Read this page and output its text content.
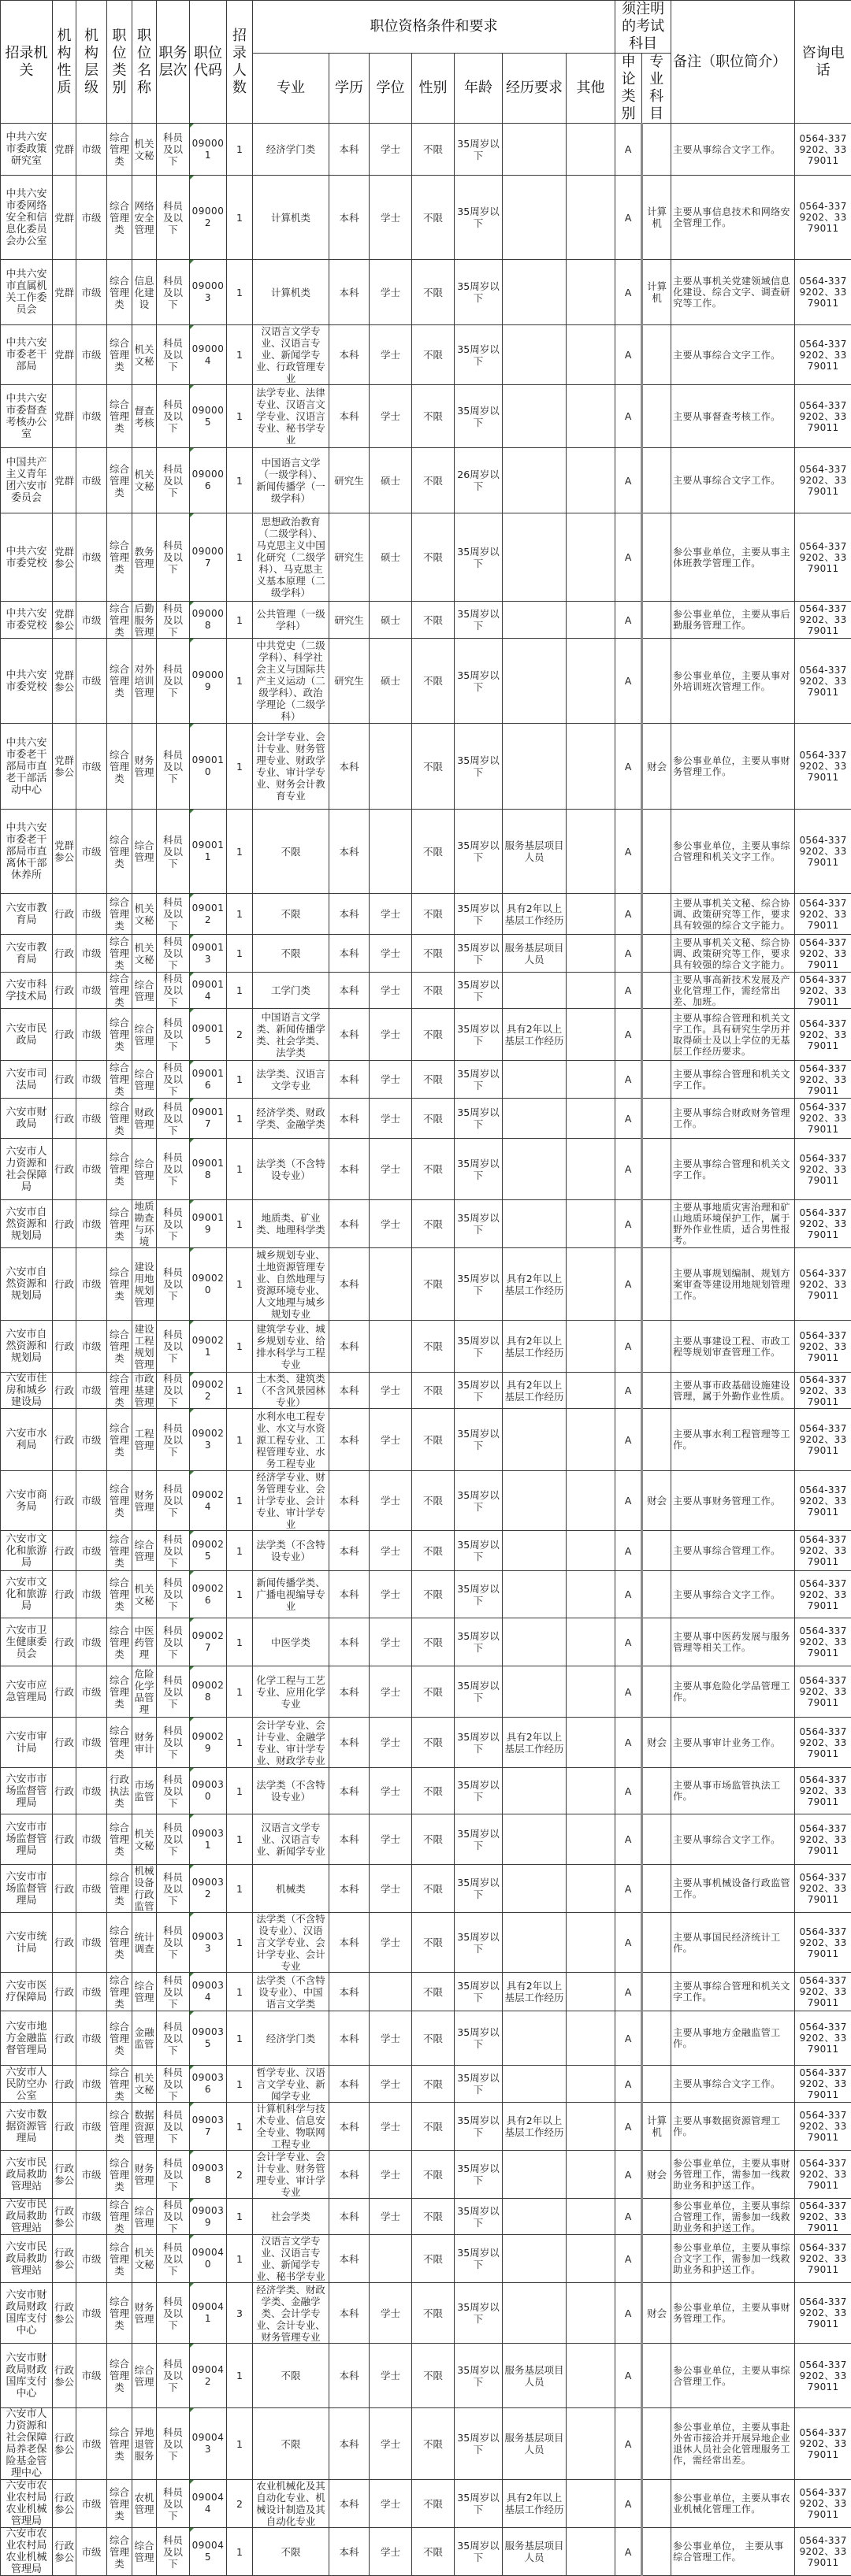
招录机关	机构性质	机构层级	职位类别	职位名称	职务层次	职位代码	招录人数	职位资格条件和要求							须注明的考试科目		备注（职位简介）	咨询电话
								专业	学历	学位	性别	年龄	经历要求	其他	申论类别	专业科目		
中共六安市委政策研究室	党群	市级	综合管理类	机关文秘	科员及以下	090001	1	经济学门类	本科	学士	不限	35周岁以下			A		主要从事综合文字工作。	0564-3379202、3379011
中共六安市委网络安全和信息化委员会办公室	党群	市级	综合管理类	网络安全管理	科员及以下	090002	1	计算机类	本科	学士	不限	35周岁以下			A	计算机	主要从事信息技术和网络安全管理工作。	0564-3379202、3379011
中共六安市直属机关工作委员会	党群	市级	综合管理类	信息化建设	科员及以下	090003	1	计算机类	本科	学士	不限	35周岁以下			A	计算机	主要从事机关党建领域信息化建设、综合文字、调查研究等工作。	0564-3379202、3379011
中共六安市委老干部局	党群	市级	综合管理类	机关文秘	科员及以下	090004	1	汉语言文学专业、汉语言专业、新闻学专业、行政管理专业	本科	学士	不限	35周岁以下			A		主要从事综合文字工作。	0564-3379202、3379011
中共六安市委督查考核办公室	党群	市级	综合管理类	督查考核	科员及以下	090005	1	法学专业、法律专业、汉语言文学专业、汉语言专业、秘书学专业	本科	学士	不限	35周岁以下			A		主要从事督查考核工作。	0564-3379202、3379011
中国共产主义青年团六安市委员会	党群	市级	综合管理类	机关文秘	科员及以下	090006	1	中国语言文学（一级学科）、新闻传播学（一级学科）	研究生	硕士	不限	26周岁以下			A		主要从事综合文字工作。	0564-3379202、3379011
中共六安市委党校	党群参公	市级	综合管理类	教务管理	科员及以下	090007	1	思想政治教育（二级学科）、马克思主义中国化研究（二级学科）、马克思主义基本原理（二级学科）	研究生	硕士	不限	35周岁以下			A		参公事业单位，主要从事主体班教学管理工作。	0564-3379202、3379011
中共六安市委党校	党群参公	市级	综合管理类	后勤服务管理	科员及以下	090008	1	公共管理（一级学科）	研究生	硕士	不限	35周岁以下			A		参公事业单位，主要从事后勤服务管理工作。	0564-3379202、3379011
中共六安市委党校	党群参公	市级	综合管理类	对外培训管理	科员及以下	090009	1	中共党史（二级学科）、科学社会主义与国际共产主义运动（二级学科）、政治学理论（二级学科）	研究生	硕士	不限	35周岁以下			A		参公事业单位，主要从事对外培训班次管理工作。	0564-3379202、3379011
中共六安市委老干部局市直老干部活动中心	党群参公	市级	综合管理类	财务管理	科员及以下	090010	1	会计学专业、会计专业、财务管理专业、财政学专业、审计学专业、财务会计教育专业	本科		不限	35周岁以下			A	财会	参公事业单位，主要从事财务管理工作。	0564-3379202、3379011
中共六安市委老干部局市直离休干部休养所	党群参公	市级	综合管理类	综合管理	科员及以下	090011	1	不限	本科		不限	35周岁以下	服务基层项目人员		A		参公事业单位，主要从事综合管理和机关文字工作。	0564-3379202、3379011
六安市教育局	行政	市级	综合管理类	机关文秘	科员及以下	090012	1	不限	本科	学士	不限	35周岁以下	具有2年以上基层工作经历		A		主要从事机关文秘、综合协调、政策研究等工作，要求具有较强的综合文字能力。	0564-3379202、3379011
六安市教育局	行政	市级	综合管理类	机关文秘	科员及以下	090013	1	不限	本科	学士	不限	35周岁以下	服务基层项目人员		A		主要从事机关文秘、综合协调、政策研究等工作，要求具有较强的综合文字能力。	0564-3379202、3379011
六安市科学技术局	行政	市级	综合管理类	综合管理	科员及以下	090014	1	工学门类	本科	学士	不限	35周岁以下			A		主要从事高新技术发展及产业化管理工作，需经常出差、加班。	0564-3379202、3379011
六安市民政局	行政	市级	综合管理类	综合管理	科员及以下	090015	2	中国语言文学类、新闻传播学类、社会学类、法学类	本科	学士	不限	35周岁以下	具有2年以上基层工作经历		A		主要从事综合管理和机关文字工作。具有研究生学历并取得硕士及以上学位的无基层工作经历要求。	0564-3379202、3379011
六安市司法局	行政	市级	综合管理类	综合管理	科员及以下	090016	1	法学类、汉语言文学专业	本科	学士	不限	35周岁以下			A		主要从事综合管理和机关文字工作。	0564-3379202、3379011
六安市财政局	行政	市级	综合管理类	财政管理	科员及以下	090017	1	经济学类、财政学类、金融学类	本科	学士	不限	35周岁以下			A		主要从事综合财政财务管理工作。	0564-3379202、3379011
六安市人力资源和社会保障局	行政	市级	综合管理类	综合管理	科员及以下	090018	1	法学类（不含特设专业）	本科	学士	不限	35周岁以下			A		主要从事综合管理和机关文字工作。	0564-3379202、3379011
六安市自然资源和规划局	行政	市级	综合管理类	地质勘查与环境	科员及以下	090019	1	地质类、矿业类、地理科学类	本科	学士	不限	35周岁以下			A		主要从事地质灾害治理和矿山地质环境保护工作，属于野外作业性质，适合男性报考。	0564-3379202、3379011
六安市自然资源和规划局	行政	市级	综合管理类	建设用地规划管理	科员及以下	090020	1	城乡规划专业、土地资源管理专业、自然地理与资源环境专业、人文地理与城乡规划专业	本科		不限	35周岁以下	具有2年以上基层工作经历		A		主要从事规划编制、规划方案审查等建设用地规划管理工作。	0564-3379202、3379011
六安市自然资源和规划局	行政	市级	综合管理类	建设工程规划管理	科员及以下	090021	1	建筑学专业、城乡规划专业、给排水科学与工程专业	本科		不限	35周岁以下	具有2年以上基层工作经历		A		主要从事建设工程、市政工程等规划审查管理工作。	0564-3379202、3379011
六安市住房和城乡建设局	行政	市级	综合管理类	市政基建管理	科员及以下	090022	1	土木类、建筑类（不含风景园林专业）	本科	学士	不限	35周岁以下	具有2年以上基层工作经历		A		主要从事市政基础设施建设管理，属于外勤作业性质。	0564-3379202、3379011
六安市水利局	行政	市级	综合管理类	工程管理	科员及以下	090023	1	水利水电工程专业、水文与水资源工程专业、工程管理专业、水务工程专业	本科	学士	不限	35周岁以下			A		主要从事水利工程管理等工作。	0564-3379202、3379011
六安市商务局	行政	市级	综合管理类	财务管理	科员及以下	090024	1	经济学专业、财务管理专业、会计学专业、会计专业、审计学专业	本科	学士	不限	35周岁以下			A	财会	主要从事财务管理工作。	0564-3379202、3379011
六安市文化和旅游局	行政	市级	综合管理类	综合管理	科员及以下	090025	1	法学类（不含特设专业）	本科	学士	不限	35周岁以下			A		主要从事综合管理工作。	0564-3379202、3379011
六安市文化和旅游局	行政	市级	综合管理类	机关文秘	科员及以下	090026	1	新闻传播学类、广播电视编导专业	本科	学士	不限	35周岁以下			A		主要从事综合文字工作。	0564-3379202、3379011
六安市卫生健康委员会	行政	市级	综合管理类	中医药管理	科员及以下	090027	1	中医学类	本科	学士	不限	35周岁以下			A		主要从事中医药发展与服务管理等相关工作。	0564-3379202、3379011
六安市应急管理局	行政	市级	综合管理类	危险化学品管理	科员及以下	090028	1	化学工程与工艺专业、应用化学专业	本科	学士	不限	35周岁以下			A		主要从事危险化学品管理工作。	0564-3379202、3379011
六安市审计局	行政	市级	综合管理类	财务审计	科员及以下	090029	1	会计学专业、会计专业、金融学专业、审计学专业、财政学专业	本科	学士	不限	35周岁以下	具有2年以上基层工作经历		A	财会	主要从事审计业务工作。	0564-3379202、3379011
六安市市场监督管理局	行政	市级	行政执法类	市场监管	科员及以下	090030	1	法学类（不含特设专业）	本科	学士	不限	35周岁以下			A		主要从事市场监管执法工作。	0564-3379202、3379011
六安市市场监督管理局	行政	市级	综合管理类	机关文秘	科员及以下	090031	1	汉语言文学专业、汉语言专业、新闻学专业	本科	学士	不限	35周岁以下			A		主要从事综合文字工作。	0564-3379202、3379011
六安市市场监督管理局	行政	市级	综合管理类	机械设备行政监管	科员及以下	090032	1	机械类	本科	学士	不限	35周岁以下			A		主要从事机械设备行政监管工作。	0564-3379202、3379011
六安市统计局	行政	市级	综合管理类	统计调查	科员及以下	090033	1	法学类（不含特设专业）、汉语言文学专业、会计学专业、会计专业	本科	学士	不限	35周岁以下			A		主要从事国民经济统计工作。	0564-3379202、3379011
六安市医疗保障局	行政	市级	综合管理类	综合管理	科员及以下	090034	1	法学类（不含特设专业）、中国语言文学类	本科		不限	35周岁以下	具有2年以上基层工作经历		A		主要从事综合管理和机关文字工作。	0564-3379202、3379011
六安市地方金融监督管理局	行政	市级	综合管理类	金融监管	科员及以下	090035	1	经济学门类	本科	学士	不限	35周岁以下			A		主要从事地方金融监管工作。	0564-3379202、3379011
六安市人民防空办公室	行政	市级	综合管理类	机关文秘	科员及以下	090036	1	哲学专业、汉语言文学专业、新闻学专业	本科	学士	不限	35周岁以下			A		主要从事综合文字工作。	0564-3379202、3379011
六安市数据资源管理局	行政	市级	综合管理类	数据资源管理	科员及以下	090037	1	计算机科学与技术专业、信息安全专业、物联网工程专业	本科	学士	不限	35周岁以下	具有2年以上基层工作经历		A	计算机	主要从事数据资源管理工作。	0564-3379202、3379011
六安市民政局救助管理站	行政参公	市级	综合管理类	财务管理	科员及以下	090038	2	会计学专业、会计专业、财务管理专业、审计学专业	本科	学士	不限	35周岁以下			A	财会	参公事业单位，主要从事财务管理工作，需参加一线救助业务和护送工作。	0564-3379202、3379011
六安市民政局救助管理站	行政参公	市级	综合管理类	综合管理	科员及以下	090039	1	社会学类	本科	学士	不限	35周岁以下			A		参公事业单位，主要从事综合管理工作，需参加一线救助业务和护送工作。	0564-3379202、3379011
六安市民政局救助管理站	行政参公	市级	综合管理类	机关文秘	科员及以下	090040	1	汉语言文学专业、汉语言专业、新闻学专业、秘书学专业	本科		不限	35周岁以下			A		参公事业单位，主要从事综合文字工作，需参加一线救助业务和护送工作。	0564-3379202、3379011
六安市财政局财政国库支付中心	行政参公	市级	综合管理类	财务管理	科员及以下	090041	3	经济学类、财政学类、金融学类、会计学专业、会计专业、财务管理专业	本科	学士	不限	35周岁以下			A	财会	参公事业单位，主要从事财务管理工作。	0564-3379202、3379011
六安市财政局财政国库支付中心	行政参公	市级	综合管理类	综合管理	科员及以下	090042	1	不限	本科	学士	不限	35周岁以下	服务基层项目人员		A		参公事业单位，主要从事综合管理工作。	0564-3379202、3379011
六安市人力资源和社会保障局养老保险基金管理中心	行政参公	市级	综合管理类	异地退管服务	科员及以下	090043	1	不限	本科	学士	不限	35周岁以下	服务基层项目人员		A		参公事业单位，主要从事赴外省市接洽并开展异地企业退休人员社会化管理服务工作，需经常出差。	0564-3379202、3379011
六安市农业农村局农业机械管理局	行政参公	市级	综合管理类	农机管理	科员及以下	090044	2	农业机械化及其自动化专业、机械设计制造及其自动化专业	本科	学士	不限	35周岁以下	具有2年以上基层工作经历		A		参公事业单位，主要从事农业机械化管理工作。	0564-3379202、3379011
六安市农业农村局农业机械管理局	行政参公	市级	综合管理类	综合管理	科员及以下	090045	1	不限	本科	学士	不限	35周岁以下	服务基层项目人员		A		参公事业单位， 主要从事综合管理工作。	0564-3379202、3379011
